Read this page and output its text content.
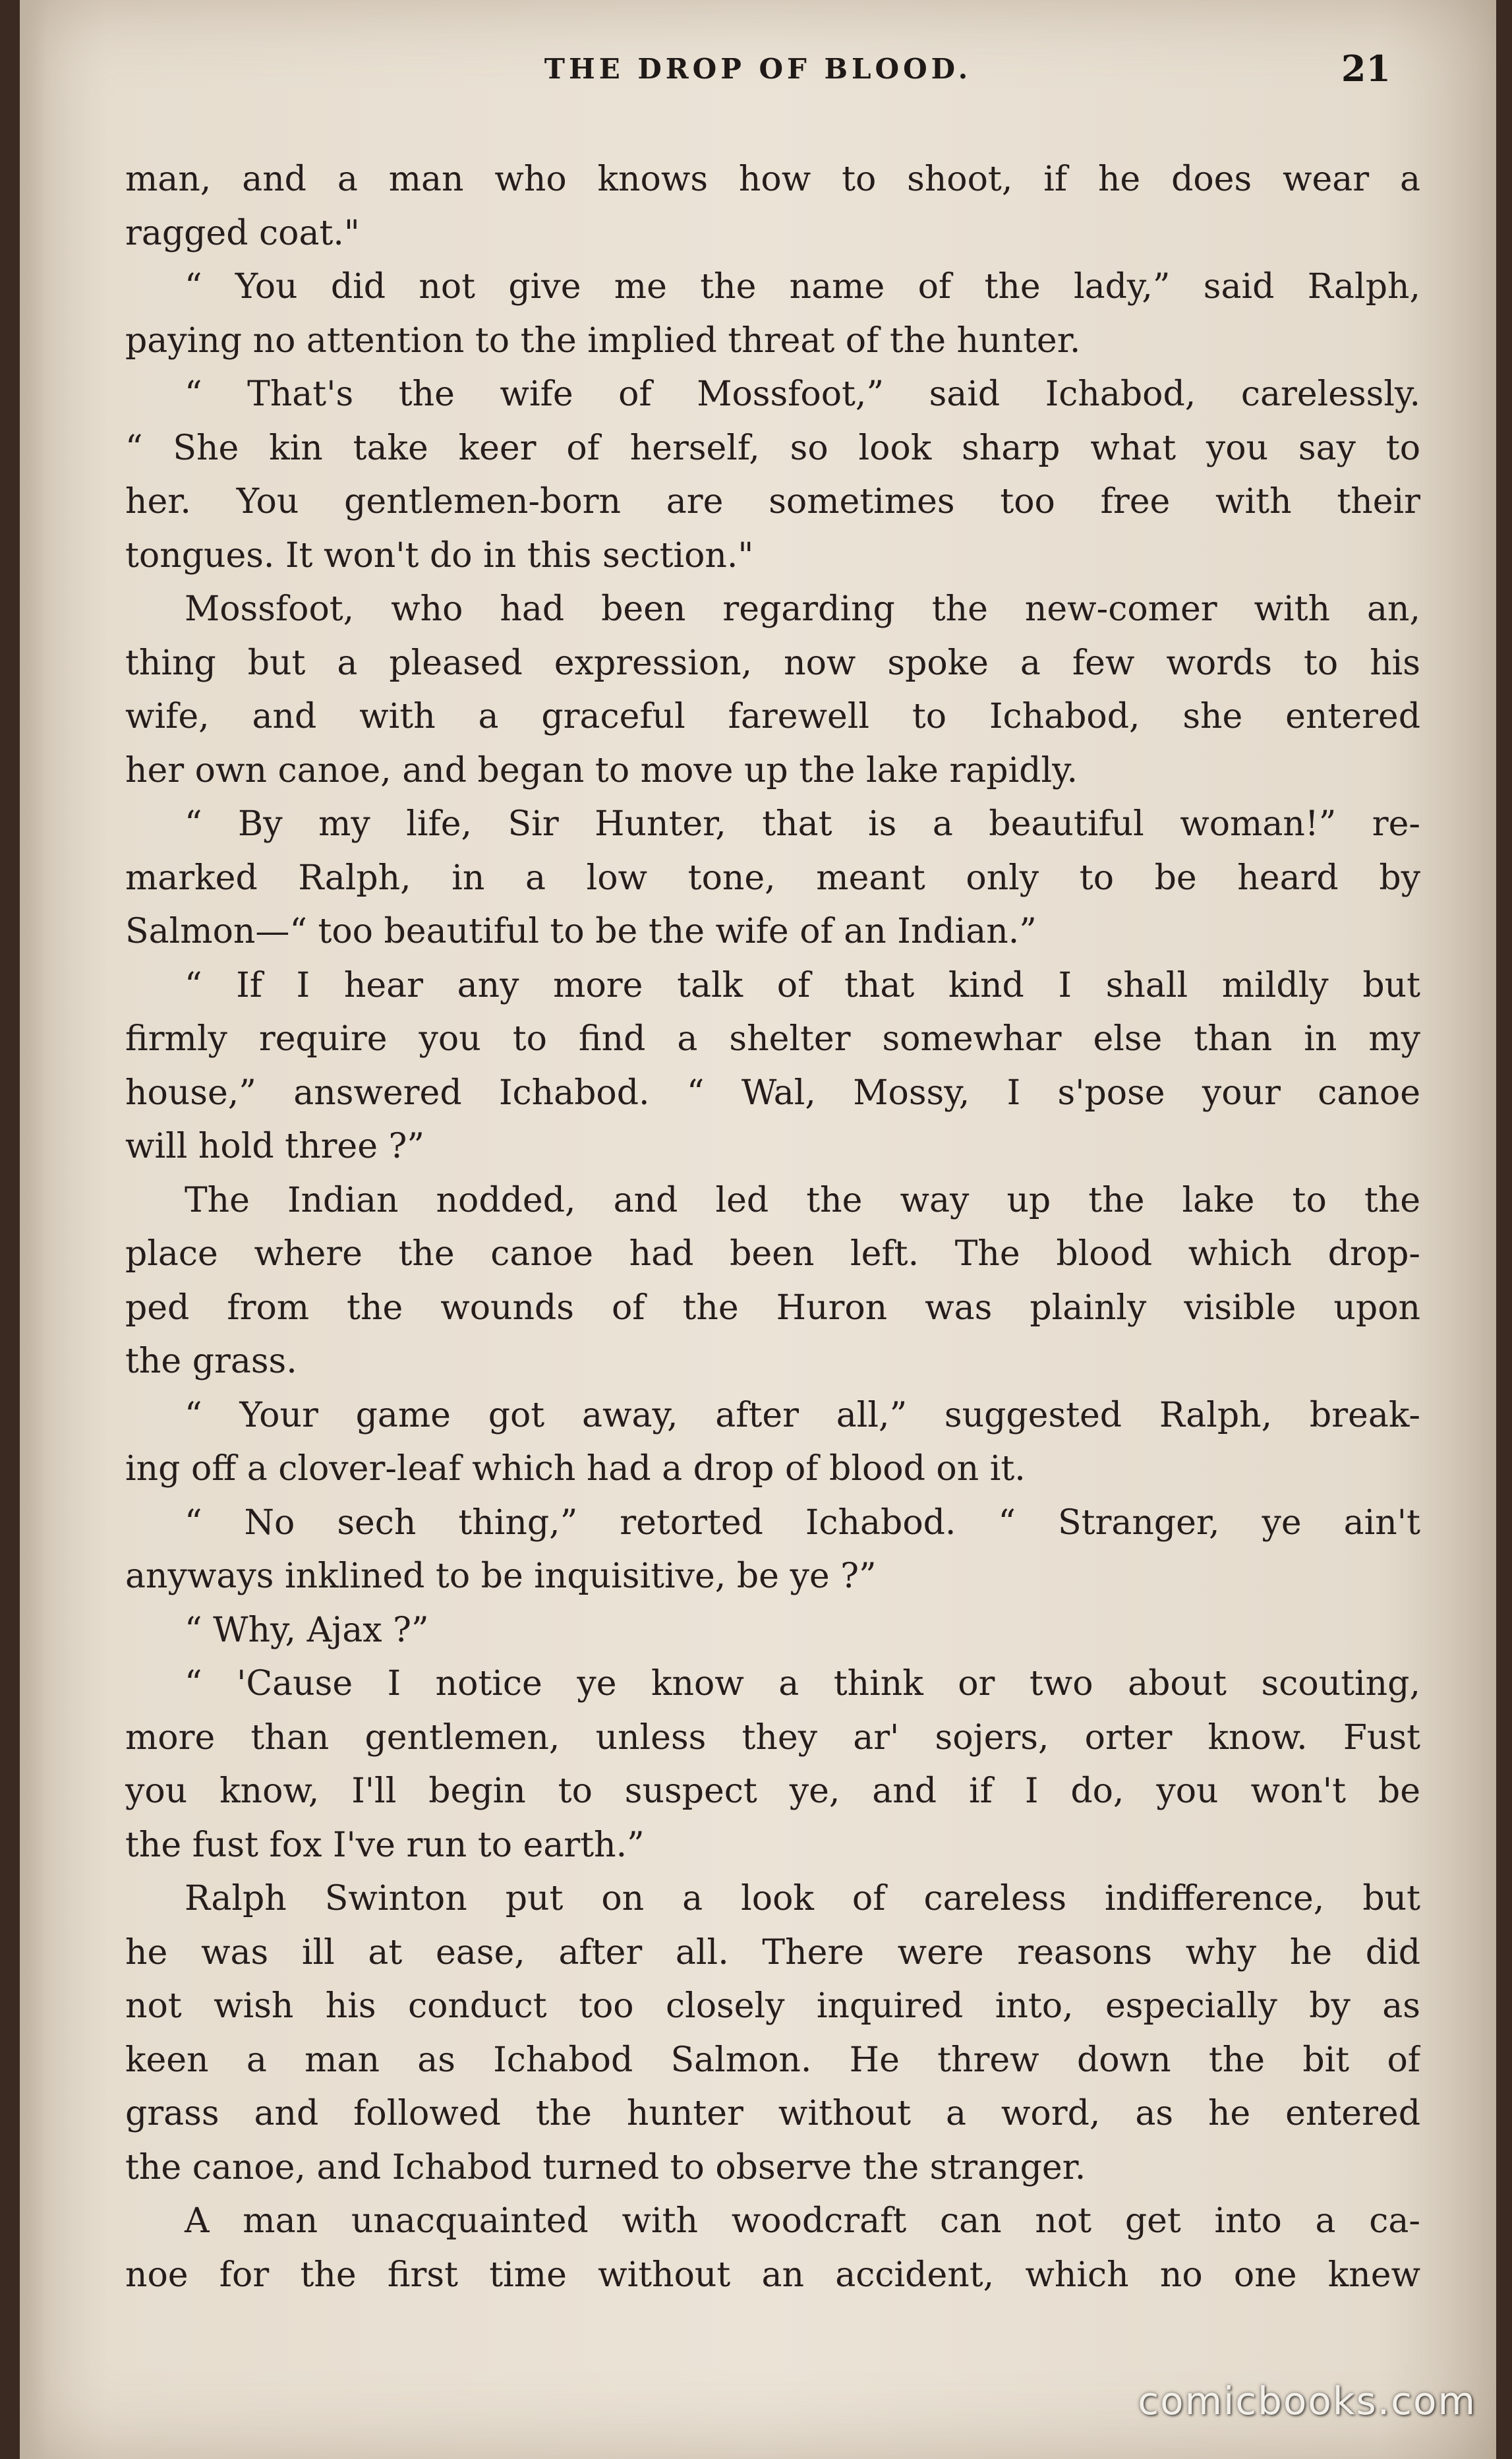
THE DROP OF BLOOD.	21
man, and a man who knows how to shoot, if he does wear a
ragged coat."
“ You did not give me the name of the lady,” said Ralph,
paying no attention to the implied threat of the hunter.
“ That's the wife of Mossfoot,” said Ichabod, carelessly.
“ She kin take keer of herself, so look sharp what you say to
her. You gentlemen-born are sometimes too free with their
tongues. It won't do in this section."
Mossfoot, who had been regarding the new-comer with an,
thing but a pleased expression, now spoke a few words to his
wife, and with a graceful farewell to Ichabod, she entered
her own canoe, and began to move up the lake rapidly.
“ By my life, Sir Hunter, that is a beautiful woman!” re-
marked Ralph, in a low tone, meant only to be heard by
Salmon—“ too beautiful to be the wife of an Indian.”
“ If I hear any more talk of that kind I shall mildly but
firmly require you to find a shelter somewhar else than in my
house,” answered Ichabod. “ Wal, Mossy, I s'pose your canoe
will hold three ?”
The Indian nodded, and led the way up the lake to the
place where the canoe had been left. The blood which drop-
ped from the wounds of the Huron was plainly visible upon
the grass.
“ Your game got away, after all,” suggested Ralph, break-
ing off a clover-leaf which had a drop of blood on it.
“ No sech thing,” retorted Ichabod. “ Stranger, ye ain't
anyways inklined to be inquisitive, be ye ?”
“ Why, Ajax ?”
“ 'Cause I notice ye know a think or two about scouting,
more than gentlemen, unless they ar' sojers, orter know. Fust
you know, I'll begin to suspect ye, and if I do, you won't be
the fust fox I've run to earth.”
Ralph Swinton put on a look of careless indifference, but
he was ill at ease, after all. There were reasons why he did
not wish his conduct too closely inquired into, especially by as
keen a man as Ichabod Salmon. He threw down the bit of
grass and followed the hunter without a word, as he entered
the canoe, and Ichabod turned to observe the stranger.
A man unacquainted with woodcraft can not get into a ca-
noe for the first time without an accident, which no one knew
comicbooks.com
